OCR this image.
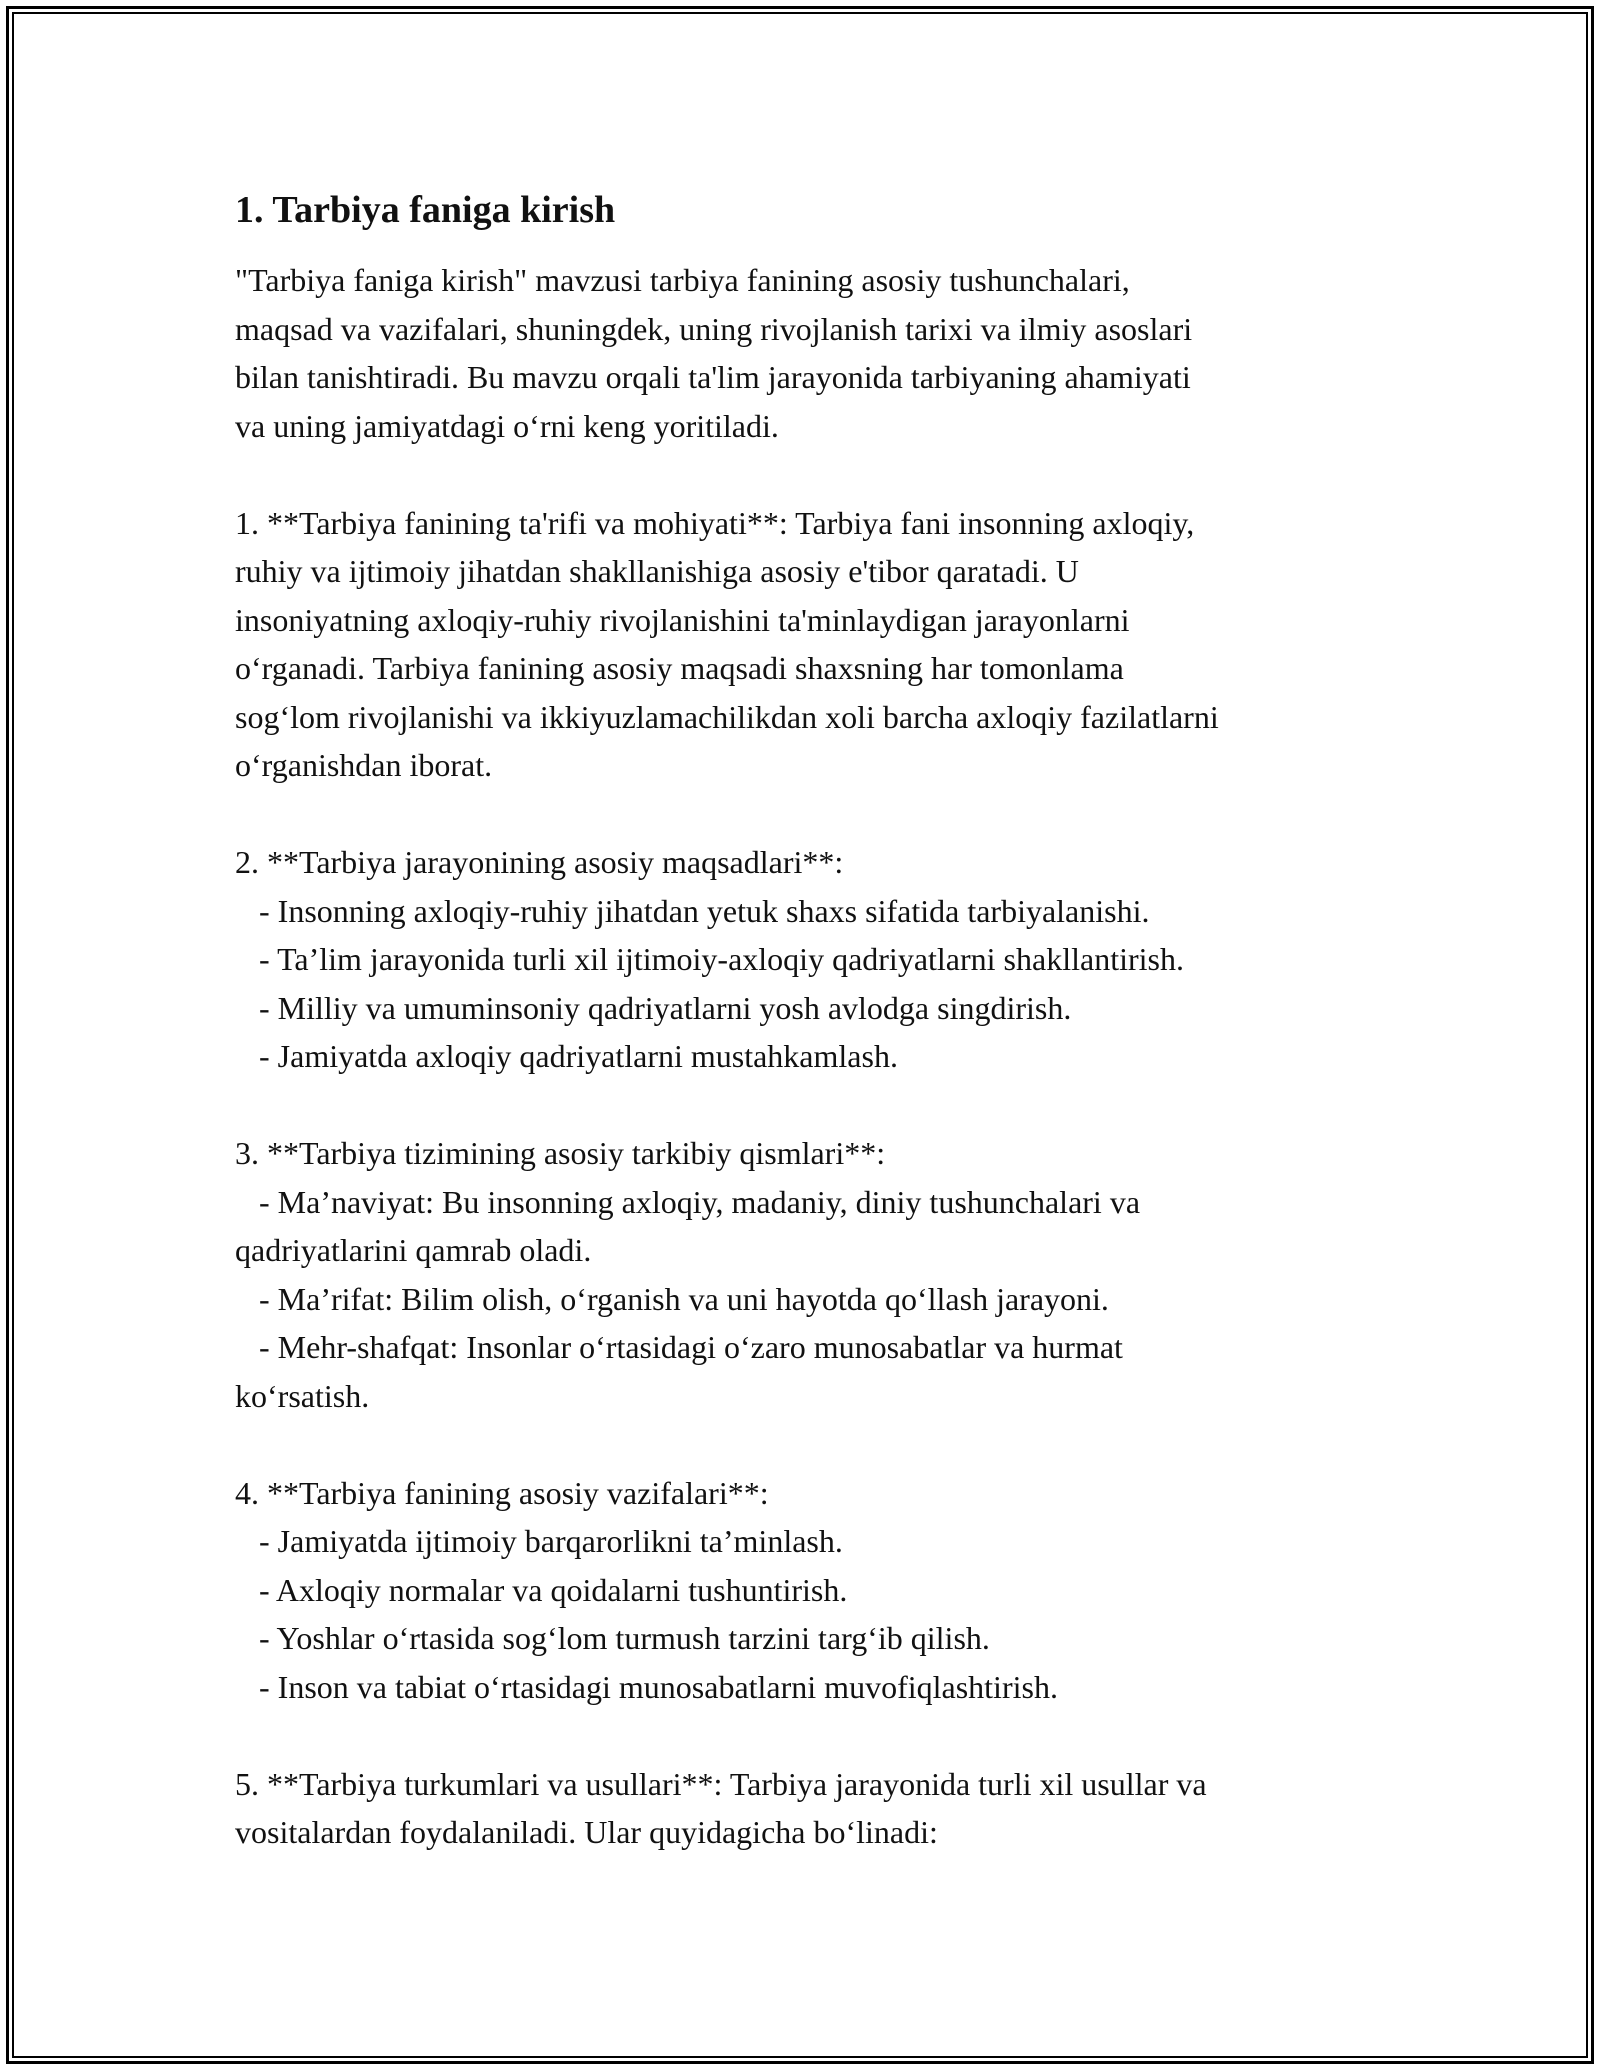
1. Tarbiya faniga kirish

"Tarbiya faniga kirish" mavzusi tarbiya fanining asosiy tushunchalari,
maqsad va vazifalari, shuningdek, uning rivojlanish tarixi va ilmiy asoslari
bilan tanishtiradi. Bu mavzu orqali ta'lim jarayonida tarbiyaning ahamiyati
va uning jamiyatdagi o‘rni keng yoritiladi.

1. **Tarbiya fanining ta'rifi va mohiyati**: Tarbiya fani insonning axloqiy,
ruhiy va ijtimoiy jihatdan shakllanishiga asosiy e'tibor qaratadi. U
insoniyatning axloqiy-ruhiy rivojlanishini ta'minlaydigan jarayonlarni
o‘rganadi. Tarbiya fanining asosiy maqsadi shaxsning har tomonlama
sog‘lom rivojlanishi va ikkiyuzlamachilikdan xoli barcha axloqiy fazilatlarni
o‘rganishdan iborat.

2. **Tarbiya jarayonining asosiy maqsadlari**:
- Insonning axloqiy-ruhiy jihatdan yetuk shaxs sifatida tarbiyalanishi.
- Ta’lim jarayonida turli xil ijtimoiy-axloqiy qadriyatlarni shakllantirish.
- Milliy va umuminsoniy qadriyatlarni yosh avlodga singdirish.
- Jamiyatda axloqiy qadriyatlarni mustahkamlash.

3. **Tarbiya tizimining asosiy tarkibiy qismlari**:
- Ma’naviyat: Bu insonning axloqiy, madaniy, diniy tushunchalari va
qadriyatlarini qamrab oladi.
- Ma’rifat: Bilim olish, o‘rganish va uni hayotda qo‘llash jarayoni.
- Mehr-shafqat: Insonlar o‘rtasidagi o‘zaro munosabatlar va hurmat
ko‘rsatish.

4. **Tarbiya fanining asosiy vazifalari**:
- Jamiyatda ijtimoiy barqarorlikni ta’minlash.
- Axloqiy normalar va qoidalarni tushuntirish.
- Yoshlar o‘rtasida sog‘lom turmush tarzini targ‘ib qilish.
- Inson va tabiat o‘rtasidagi munosabatlarni muvofiqlashtirish.

5. **Tarbiya turkumlari va usullari**: Tarbiya jarayonida turli xil usullar va
vositalardan foydalaniladi. Ular quyidagicha bo‘linadi:
